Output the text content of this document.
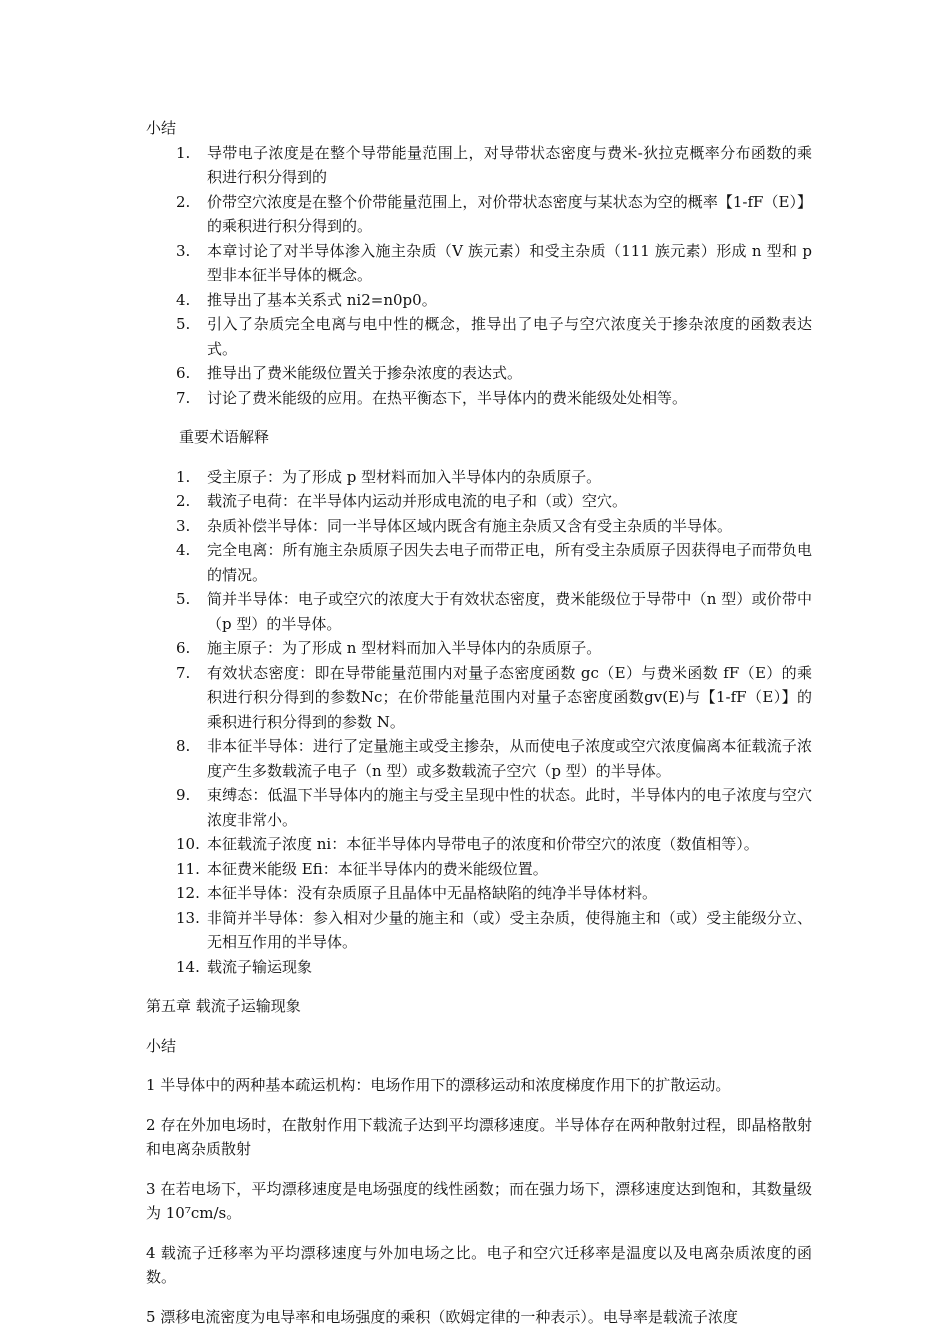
小结

1. 导带电子浓度是在整个导带能量范围上，对导带状态密度与费米-狄拉克概率分布函数的乘积进行积分得到的
2. 价带空穴浓度是在整个价带能量范围上，对价带状态密度与某状态为空的概率【1-fF（E）】的乘积进行积分得到的。
3. 本章讨论了对半导体渗入施主杂质（V 族元素）和受主杂质（111 族元素）形成 n 型和 p 型非本征半导体的概念。
4. 推导出了基本关系式 ni2=n0p0。
5. 引入了杂质完全电离与电中性的概念，推导出了电子与空穴浓度关于掺杂浓度的函数表达式。
6. 推导出了费米能级位置关于掺杂浓度的表达式。
7. 讨论了费米能级的应用。在热平衡态下，半导体内的费米能级处处相等。

重要术语解释

1. 受主原子：为了形成 p 型材料而加入半导体内的杂质原子。
2. 载流子电荷：在半导体内运动并形成电流的电子和（或）空穴。
3. 杂质补偿半导体：同一半导体区域内既含有施主杂质又含有受主杂质的半导体。
4. 完全电离：所有施主杂质原子因失去电子而带正电，所有受主杂质原子因获得电子而带负电的情况。
5. 简并半导体：电子或空穴的浓度大于有效状态密度，费米能级位于导带中（n 型）或价带中（p 型）的半导体。
6. 施主原子：为了形成 n 型材料而加入半导体内的杂质原子。
7. 有效状态密度：即在导带能量范围内对量子态密度函数 gc（E）与费米函数 fF（E）的乘积进行积分得到的参数Nc；在价带能量范围内对量子态密度函数gv(E)与【1-fF（E）】的乘积进行积分得到的参数 N。
8. 非本征半导体：进行了定量施主或受主掺杂，从而使电子浓度或空穴浓度偏离本征载流子浓度产生多数载流子电子（n 型）或多数载流子空穴（p 型）的半导体。
9. 束缚态：低温下半导体内的施主与受主呈现中性的状态。此时，半导体内的电子浓度与空穴浓度非常小。
10. 本征载流子浓度 ni：本征半导体内导带电子的浓度和价带空穴的浓度（数值相等）。
11. 本征费米能级 Efi：本征半导体内的费米能级位置。
12. 本征半导体：没有杂质原子且晶体中无晶格缺陷的纯净半导体材料。
13. 非简并半导体：参入相对少量的施主和（或）受主杂质，使得施主和（或）受主能级分立、无相互作用的半导体。
14. 载流子输运现象

第五章 载流子运输现象

小结

1 半导体中的两种基本疏运机构：电场作用下的漂移运动和浓度梯度作用下的扩散运动。

2 存在外加电场时，在散射作用下载流子达到平均漂移速度。半导体存在两种散射过程，即晶格散射和电离杂质散射

3 在若电场下，平均漂移速度是电场强度的线性函数；而在强力场下，漂移速度达到饱和，其数量级为 10⁷cm/s。

4 载流子迁移率为平均漂移速度与外加电场之比。电子和空穴迁移率是温度以及电离杂质浓度的函数。

5 漂移电流密度为电导率和电场强度的乘积（欧姆定律的一种表示）。电导率是载流子浓度
